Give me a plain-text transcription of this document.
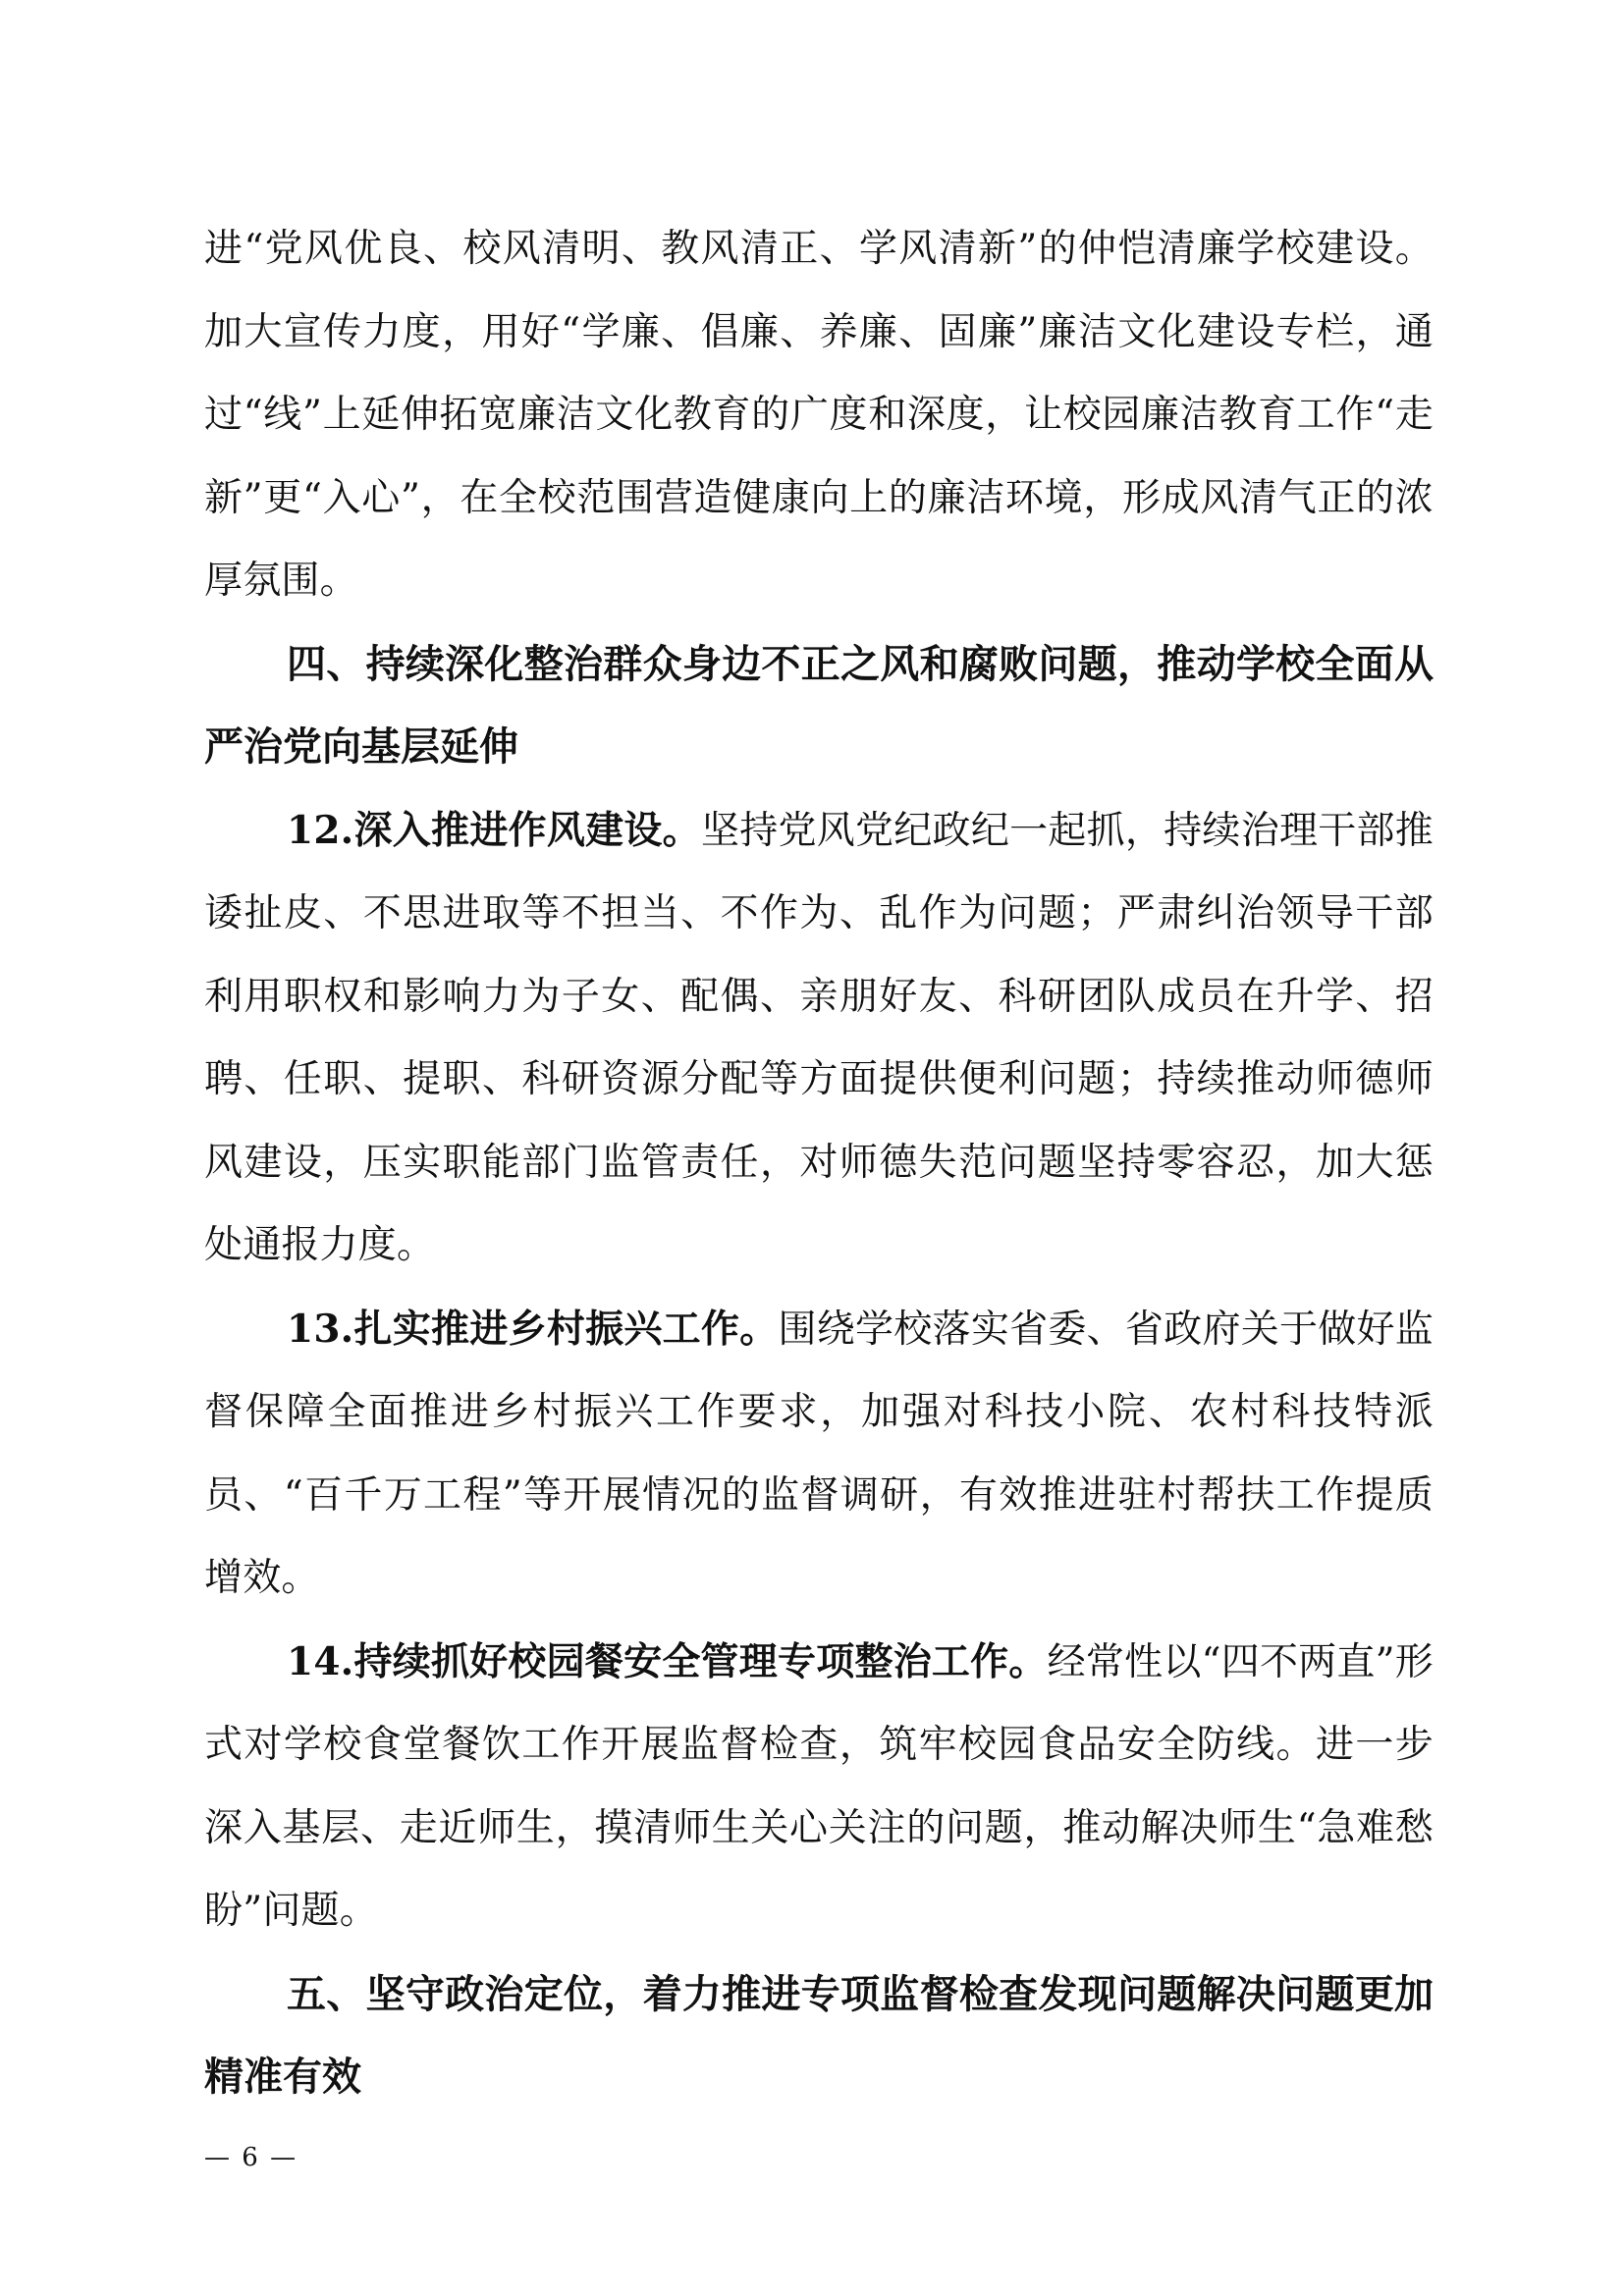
进“党风优良、校风清明、教风清正、学风清新”的仲恺清廉学校建设。加大宣传力度，用好“学廉、倡廉、养廉、固廉”廉洁文化建设专栏，通过“线”上延伸拓宽廉洁文化教育的广度和深度，让校园廉洁教育工作“走新”更“入心”，在全校范围营造健康向上的廉洁环境，形成风清气正的浓厚氛围。

四、持续深化整治群众身边不正之风和腐败问题，推动学校全面从严治党向基层延伸

12.深入推进作风建设。坚持党风党纪政纪一起抓，持续治理干部推诿扯皮、不思进取等不担当、不作为、乱作为问题；严肃纠治领导干部利用职权和影响力为子女、配偶、亲朋好友、科研团队成员在升学、招聘、任职、提职、科研资源分配等方面提供便利问题；持续推动师德师风建设，压实职能部门监管责任，对师德失范问题坚持零容忍，加大惩处通报力度。

13.扎实推进乡村振兴工作。围绕学校落实省委、省政府关于做好监督保障全面推进乡村振兴工作要求，加强对科技小院、农村科技特派员、“百千万工程”等开展情况的监督调研，有效推进驻村帮扶工作提质增效。

14.持续抓好校园餐安全管理专项整治工作。经常性以“四不两直”形式对学校食堂餐饮工作开展监督检查，筑牢校园食品安全防线。进一步深入基层、走近师生，摸清师生关心关注的问题，推动解决师生“急难愁盼”问题。

五、坚守政治定位，着力推进专项监督检查发现问题解决问题更加精准有效

— 6 —
